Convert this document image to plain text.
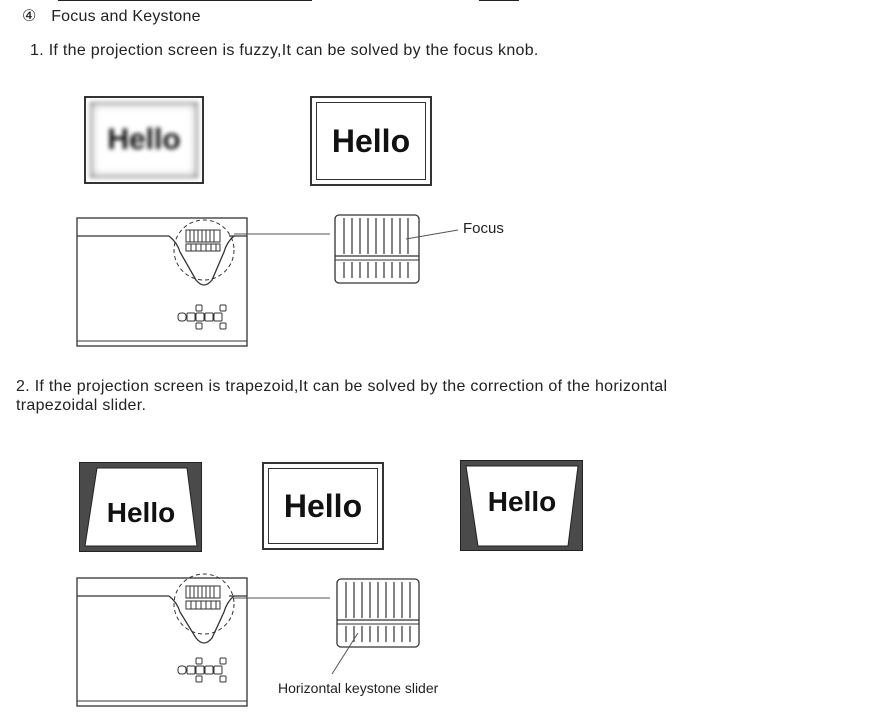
④ Focus and Keystone
1. If the projection screen is fuzzy,It can be solved by the focus knob.
Hello	Hello
Focus
2. If the projection screen is trapezoid,It can be solved by the correction of the horizontal trapezoidal slider.
Hello	Hello	Hello
Horizontal keystone slider
